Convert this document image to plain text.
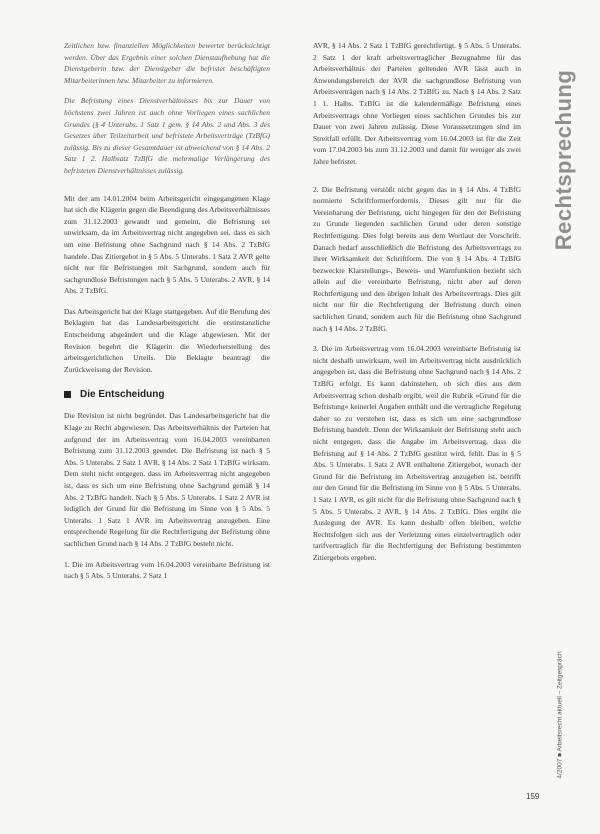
Zeitlichen bzw. finanziellen Möglichkeiten bewertet berücksichtigt werden. Über das Ergebnis einer solchen Dienstaufhebung hat die Dienstgeberin bzw. der Dienstgeber die befristet beschäftigten Mitarbeiterinnen bzw. Mitarbeiter zu informieren.

Die Befristung eines Dienstverhältnisses bis zur Dauer von höchstens zwei Jahren ist auch ohne Vorliegen eines sachlichen Grundes (§ 4 Unterabs. 1 Satz 1 gem. § 14 Abs. 2 und Abs. 3 des Gesetzes über Teilzeitarbeit und befristete Arbeitsverträge (TzBfG) zulässig. Bis zu dieser Gesamtdauer ist abweichend von § 14 Abs. 2 Satz 1 2. Halbsatz TzBfG die mehrmalige Verlängerung des befristeten Dienstverhältnisses zulässig.

Mit der am 14.01.2004 beim Arbeitsgericht eingegangenen Klage hat sich die Klägerin gegen die Beendigung des Arbeitsverhältnisses zum 31.12.2003 gewandt und gemeint, die Befristung sei unwirksam, da im Arbeitsvertrag nicht angegeben sei, dass es sich um eine Befristung ohne Sachgrund nach § 14 Abs. 2 TzBfG handele. Das Zitiergebot in § 5 Abs. 5 Unterabs. 1 Satz 2 AVR gelte nicht nur für Befristungen mit Sachgrund, sondern auch für sachgrundlose Befristungen nach § 5 Abs. 5 Unterabs. 2 AVR, § 14 Abs. 2 TzBfG.

Das Arbeitsgericht hat der Klage stattgegeben. Auf die Berufung des Beklagten hat das Landesarbeitsgericht die erstinstanzliche Entscheidung abgeändert und die Klage abgewiesen. Mit der Revision begehrt die Klägerin die Wiederherstellung des arbeitsgerichtlichen Urteils. Die Beklagte beantragt die Zurückweisung der Revision.

Die Entscheidung

Die Revision ist nicht begründet. Das Landesarbeitsgericht hat die Klage zu Recht abgewiesen. Das Arbeitsverhältnis der Parteien hat aufgrund der im Arbeitsvertrag vom 16.04.2003 vereinbarten Befristung zum 31.12.2003 geendet. Die Befristung ist nach § 5 Abs. 5 Unterabs. 2 Satz 1 AVR, § 14 Abs. 2 Satz 1 TzBfG wirksam. Dem steht nicht entgegen, dass im Arbeitsvertrag nicht angegeben ist, dass es sich um eine Befristung ohne Sachgrund gemäß § 14 Abs. 2 TzBfG handelt. Nach § 5 Abs. 5 Unterabs. 1 Satz 2 AVR ist lediglich der Grund für die Befristung im Sinne von § 5 Abs. 5 Unterabs. 1 Satz 1 AVR im Arbeitsvertrag anzugeben. Eine entsprechende Regelung für die Rechtfertigung der Befristung ohne sachlichen Grund nach § 14 Abs. 2 TzBfG besteht nicht.

1. Die im Arbeitsvertrag vom 16.04.2003 vereinbarte Befristung ist nach § 5 Abs. 5 Unterabs. 2 Satz 1

AVR, § 14 Abs. 2 Satz 1 TzBfG gerechtfertigt. § 5 Abs. 5 Unterabs. 2 Satz 1 der kraft arbeitsvertraglicher Bezugnahme für das Arbeitsverhältnis der Parteien geltenden AVR lässt auch in Anwendungsbereich der AVR die sachgrundlose Befristung von Arbeitsverträgen nach § 14 Abs. 2 TzBfG zu. Nach § 14 Abs. 2 Satz 1 1. Halbs. TzBfG ist die kalendermäßige Befristung eines Arbeitsvertrags ohne Vorliegen eines sachlichen Grundes bis zur Dauer von zwei Jahren zulässig. Diese Voraussetzungen sind im Streitfall erfüllt. Der Arbeitsvertrag vom 16.04.2003 ist für die Zeit vom 17.04.2003 bis zum 31.12.2003 und damit für weniger als zwei Jahre befristet.

2. Die Befristung verstößt nicht gegen das in § 14 Abs. 4 TzBfG normierte Schriftformerfordernis. Dieses gilt nur für die Vereinbarung der Befristung, nicht hingegen für den der Befristung zu Grunde liegenden sachlichen Grund oder deren sonstige Rechtfertigung. Dies folgt bereits aus dem Wortlaut der Vorschrift. Danach bedarf ausschließlich die Befristung des Arbeitsvertrags zu ihrer Wirksamkeit der Schriftform. Die von § 14 Abs. 4 TzBfG bezweckte Klarstellungs-, Beweis- und Warnfunktion bezieht sich allein auf die vereinbarte Befristung, nicht aber auf deren Rechtfertigung und den übrigen Inhalt des Arbeitsvertrags. Dies gilt nicht nur für die Rechtfertigung der Befristung durch einen sachlichen Grund, sondern auch für die Befristung ohne Sachgrund nach § 14 Abs. 2 TzBfG.

3. Die im Arbeitsvertrag vom 16.04.2003 vereinbarte Befristung ist nicht deshalb unwirksam, weil im Arbeitsvertrag nicht ausdrücklich angegeben ist, dass die Befristung ohne Sachgrund nach § 14 Abs. 2 TzBfG erfolgt. Es kann dahinstehen, ob sich dies aus dem Arbeitsvertrag schon deshalb ergibt, weil die Rubrik »Grund für die Befristung« keinerlei Angaben enthält und die vertragliche Regelung daher so zu verstehen ist, dass es sich um eine sachgrundlose Befristung handelt. Denn der Wirksamkeit der Befristung steht auch nicht entgegen, dass die Angabe im Arbeitsvertrag, dass die Befristung auf § 14 Abs. 2 TzBfG gestützt wird, fehlt. Das in § 5 Abs. 5 Unterabs. 1 Satz 2 AVR enthaltene Zitiergebot, wonach der Grund für die Befristung im Arbeitsvertrag anzugeben ist, betrifft nur den Grund für die Befristung im Sinne von § 5 Abs. 5 Unterabs. 1 Satz 1 AVR, es gilt nicht für die Befristung ohne Sachgrund nach § 5 Abs. 5 Unterabs. 2 AVR, § 14 Abs. 2 TzBfG. Dies ergibt die Auslegung der AVR. Es kann deshalb offen bleiben, welche Rechtsfolgen sich aus der Verletzung eines einzelvertraglich oder tarifvertraglich für die Rechtfertigung der Befristung bestimmten Zitiergebots ergeben.

Rechtsprechung
4/2007 ■ Arbeitsrecht aktuell – Zeitgespräch
159
